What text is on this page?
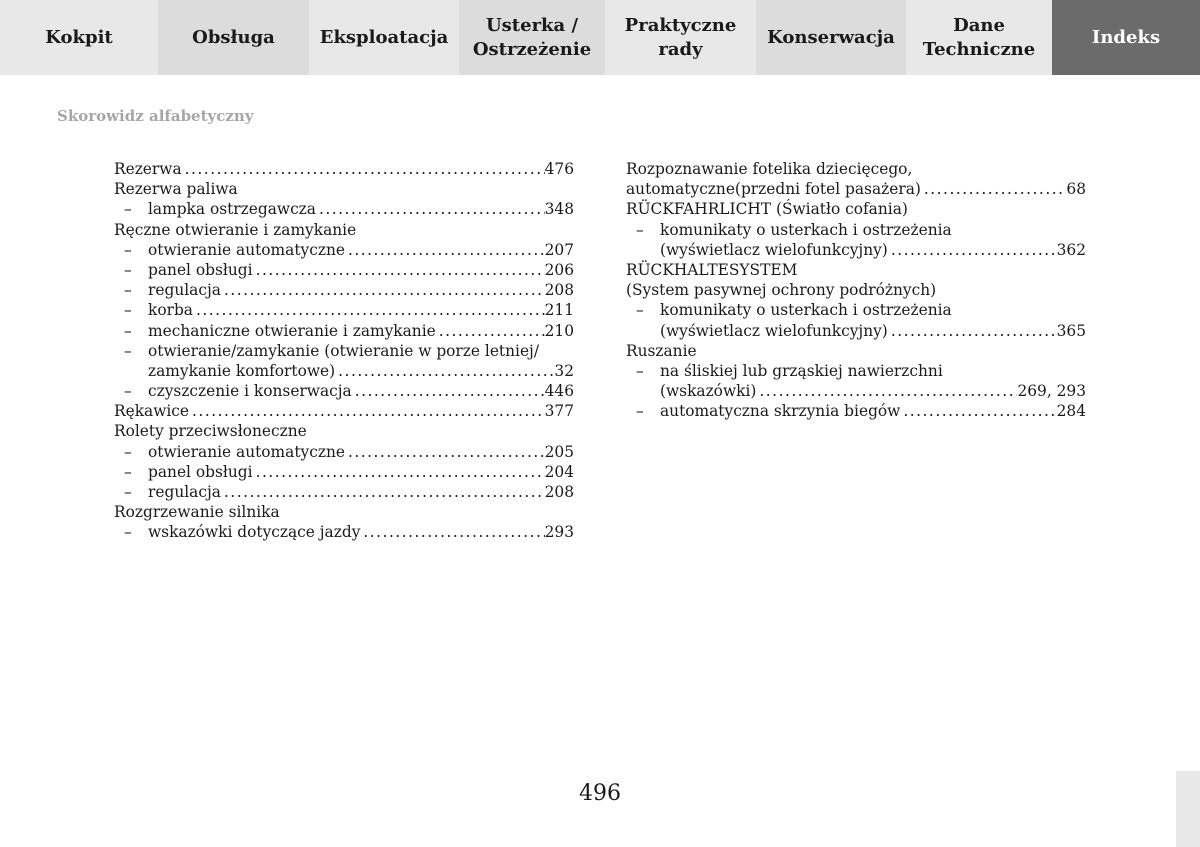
Kokpit	Obsługa	Eksploatacja
Usterka /
Ostrzeżenie
Praktyczne
rady
Konserwacja
Dane
Techniczne
Indeks
Skorowidz alfabetyczny
Rezerwa .....	476
Rezerwa paliwa
– lampka ostrzegawcza .....	348
Ręczne otwieranie i zamykanie
– otwieranie automatyczne .....	207
– panel obsługi .....	206
– regulacja .....	208
– korba .....	211
– mechaniczne otwieranie i zamykanie .....	210
– otwieranie/zamykanie (otwieranie w porze letniej/
zamykanie komfortowe) .....	32
– czyszczenie i konserwacja .....	446
Rękawice .....	377
Rolety przeciwsłoneczne
– otwieranie automatyczne .....	205
– panel obsługi .....	204
– regulacja .....	208
Rozgrzewanie silnika
– wskazówki dotyczące jazdy .....	293
Rozpoznawanie fotelika dziecięcego,
automatyczne(przedni fotel pasażera) .....	68
RÜCKFAHRLICHT (Światło cofania)
– komunikaty o usterkach i ostrzeżenia
(wyświetlacz wielofunkcyjny) .....	362
RÜCKHALTESYSTEM
(System pasywnej ochrony podróżnych)
– komunikaty o usterkach i ostrzeżenia
(wyświetlacz wielofunkcyjny) .....	365
Ruszanie
– na śliskiej lub grząskiej nawierzchni
(wskazówki) .....	269, 293
– automatyczna skrzynia biegów .....	284
496
